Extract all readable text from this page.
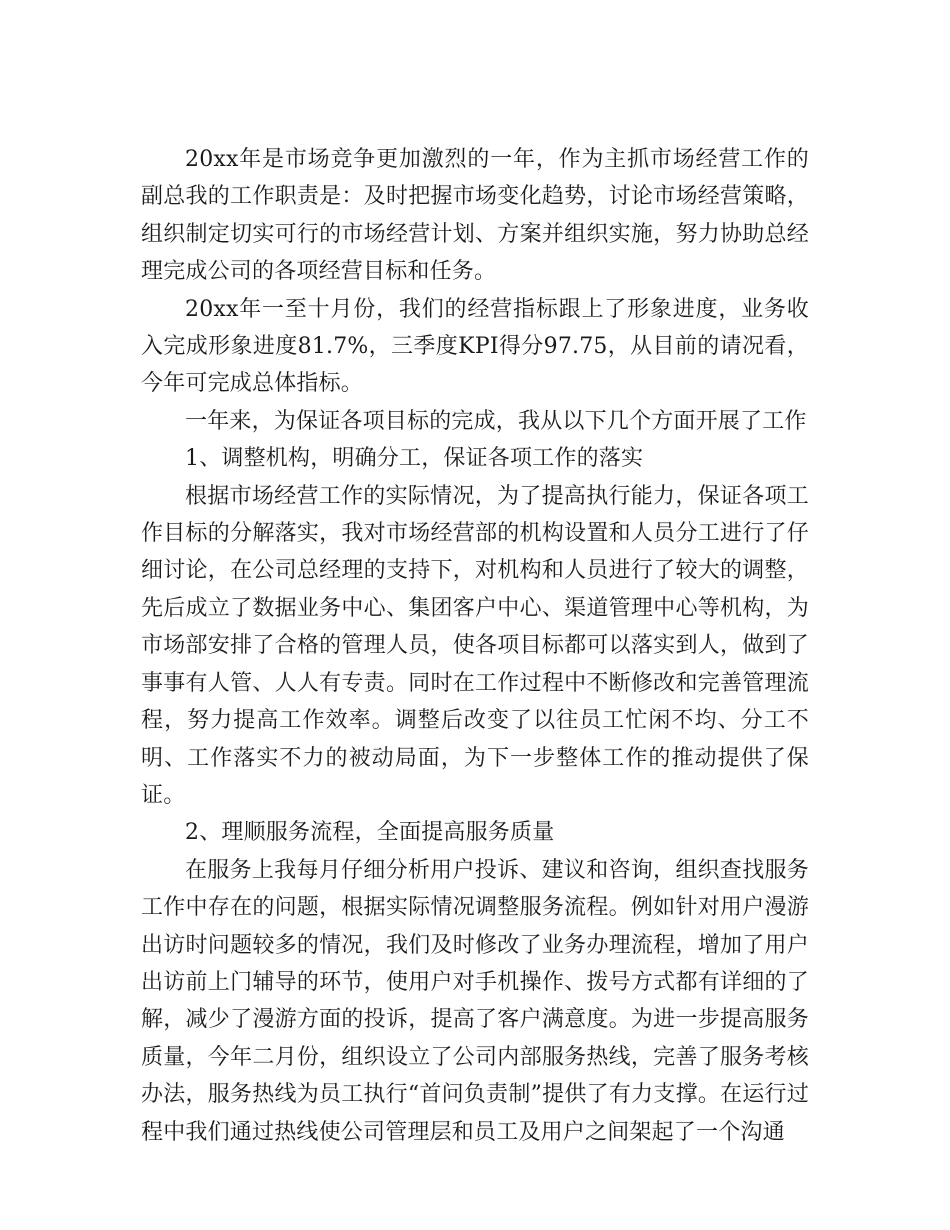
20xx年是市场竞争更加激烈的一年，作为主抓市场经营工作的副总我的工作职责是：及时把握市场变化趋势，讨论市场经营策略，组织制定切实可行的市场经营计划、方案并组织实施，努力协助总经理完成公司的各项经营目标和任务。

20xx年一至十月份，我们的经营指标跟上了形象进度，业务收入完成形象进度81.7%，三季度KPI得分97.75，从目前的请况看，今年可完成总体指标。

一年来，为保证各项目标的完成，我从以下几个方面开展了工作

1、调整机构，明确分工，保证各项工作的落实

根据市场经营工作的实际情况，为了提高执行能力，保证各项工作目标的分解落实，我对市场经营部的机构设置和人员分工进行了仔细讨论，在公司总经理的支持下，对机构和人员进行了较大的调整，先后成立了数据业务中心、集团客户中心、渠道管理中心等机构，为市场部安排了合格的管理人员，使各项目标都可以落实到人，做到了事事有人管、人人有专责。同时在工作过程中不断修改和完善管理流程，努力提高工作效率。调整后改变了以往员工忙闲不均、分工不明、工作落实不力的被动局面，为下一步整体工作的推动提供了保证。

2、理顺服务流程，全面提高服务质量

在服务上我每月仔细分析用户投诉、建议和咨询，组织查找服务工作中存在的问题，根据实际情况调整服务流程。例如针对用户漫游出访时问题较多的情况，我们及时修改了业务办理流程，增加了用户出访前上门辅导的环节，使用户对手机操作、拨号方式都有详细的了解，减少了漫游方面的投诉，提高了客户满意度。为进一步提高服务质量，今年二月份，组织设立了公司内部服务热线，完善了服务考核办法，服务热线为员工执行“首问负责制”提供了有力支撑。在运行过程中我们通过热线使公司管理层和员工及用户之间架起了一个沟通
